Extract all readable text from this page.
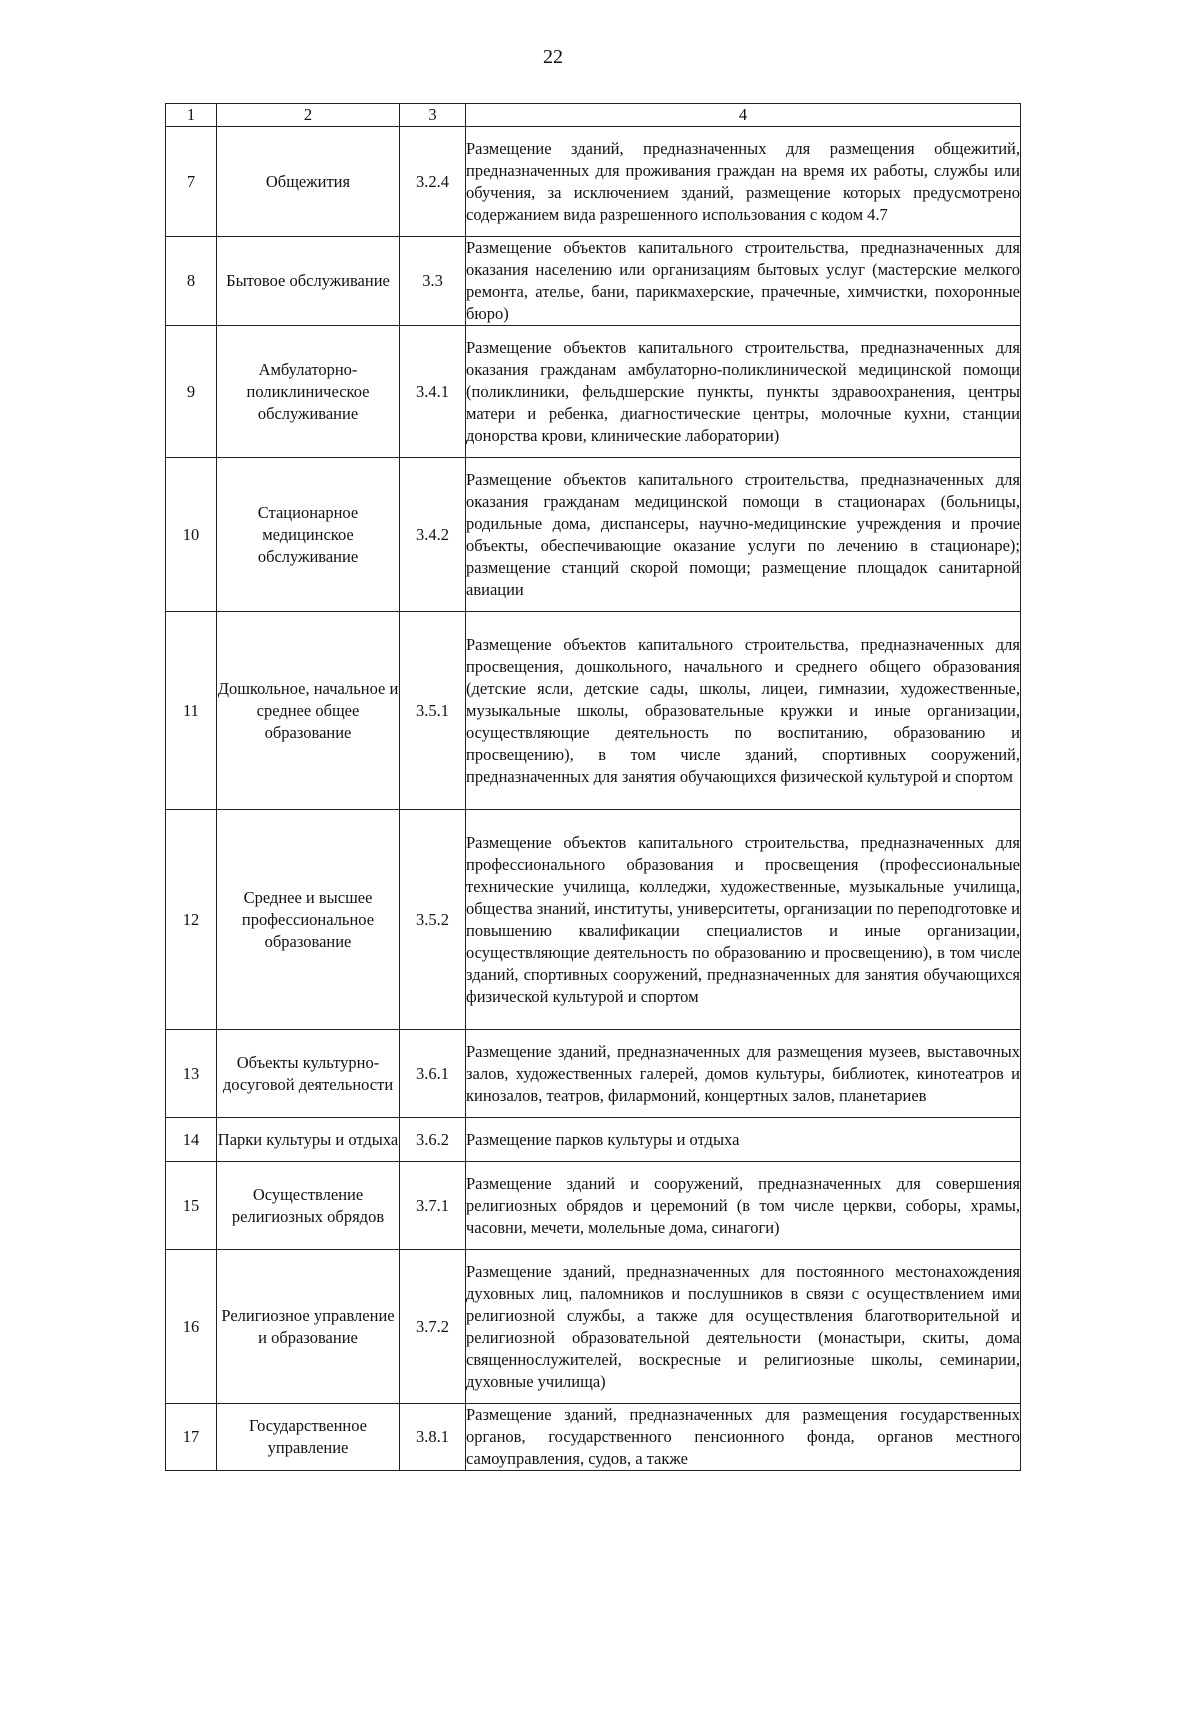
22
1	2	3	4
7	Общежития	3.2.4	Размещение зданий, предназначенных для размещения общежитий, предназначенных для проживания граждан на время их работы, службы или обучения, за исключением зданий, размещение которых предусмотрено содержанием вида разрешенного использования с кодом 4.7
8	Бытовое обслуживание	3.3	Размещение объектов капитального строительства, предназначенных для оказания населению или организациям бытовых услуг (мастерские мелкого ремонта, ателье, бани, парикмахерские, прачечные, химчистки, похоронные бюро)
9	Амбулаторно-поликлиническое обслуживание	3.4.1	Размещение объектов капитального строительства, предназначенных для оказания гражданам амбулаторно-поликлинической медицинской помощи (поликлиники, фельдшерские пункты, пункты здравоохранения, центры матери и ребенка, диагностические центры, молочные кухни, станции донорства крови, клинические лаборатории)
10	Стационарное медицинское обслуживание	3.4.2	Размещение объектов капитального строительства, предназначенных для оказания гражданам медицинской помощи в стационарах (больницы, родильные дома, диспансеры, научно-медицинские учреждения и прочие объекты, обеспечивающие оказание услуги по лечению в стационаре); размещение станций скорой помощи; размещение площадок санитарной авиации
11	Дошкольное, начальное и среднее общее образование	3.5.1	Размещение объектов капитального строительства, предназначенных для просвещения, дошкольного, начального и среднего общего образования (детские ясли, детские сады, школы, лицеи, гимназии, художественные, музыкальные школы, образовательные кружки и иные организации, осуществляющие деятельность по воспитанию, образованию и просвещению), в том числе зданий, спортивных сооружений, предназначенных для занятия обучающихся физической культурой и спортом
12	Среднее и высшее профессиональное образование	3.5.2	Размещение объектов капитального строительства, предназначенных для профессионального образования и просвещения (профессиональные технические училища, колледжи, художественные, музыкальные училища, общества знаний, институты, университеты, организации по переподготовке и повышению квалификации специалистов и иные организации, осуществляющие деятельность по образованию и просвещению), в том числе зданий, спортивных сооружений, предназначенных для занятия обучающихся физической культурой и спортом
13	Объекты культурно-досуговой деятельности	3.6.1	Размещение зданий, предназначенных для размещения музеев, выставочных залов, художественных галерей, домов культуры, библиотек, кинотеатров и кинозалов, театров, филармоний, концертных залов, планетариев
14	Парки культуры и отдыха	3.6.2	Размещение парков культуры и отдыха
15	Осуществление религиозных обрядов	3.7.1	Размещение зданий и сооружений, предназначенных для совершения религиозных обрядов и церемоний (в том числе церкви, соборы, храмы, часовни, мечети, молельные дома, синагоги)
16	Религиозное управление и образование	3.7.2	Размещение зданий, предназначенных для постоянного местонахождения духовных лиц, паломников и послушников в связи с осуществлением ими религиозной службы, а также для осуществления благотворительной и религиозной образовательной деятельности (монастыри, скиты, дома священнослужителей, воскресные и религиозные школы, семинарии, духовные училища)
17	Государственное управление	3.8.1	Размещение зданий, предназначенных для размещения государственных органов, государственного пенсионного фонда, органов местного самоуправления, судов, а также
